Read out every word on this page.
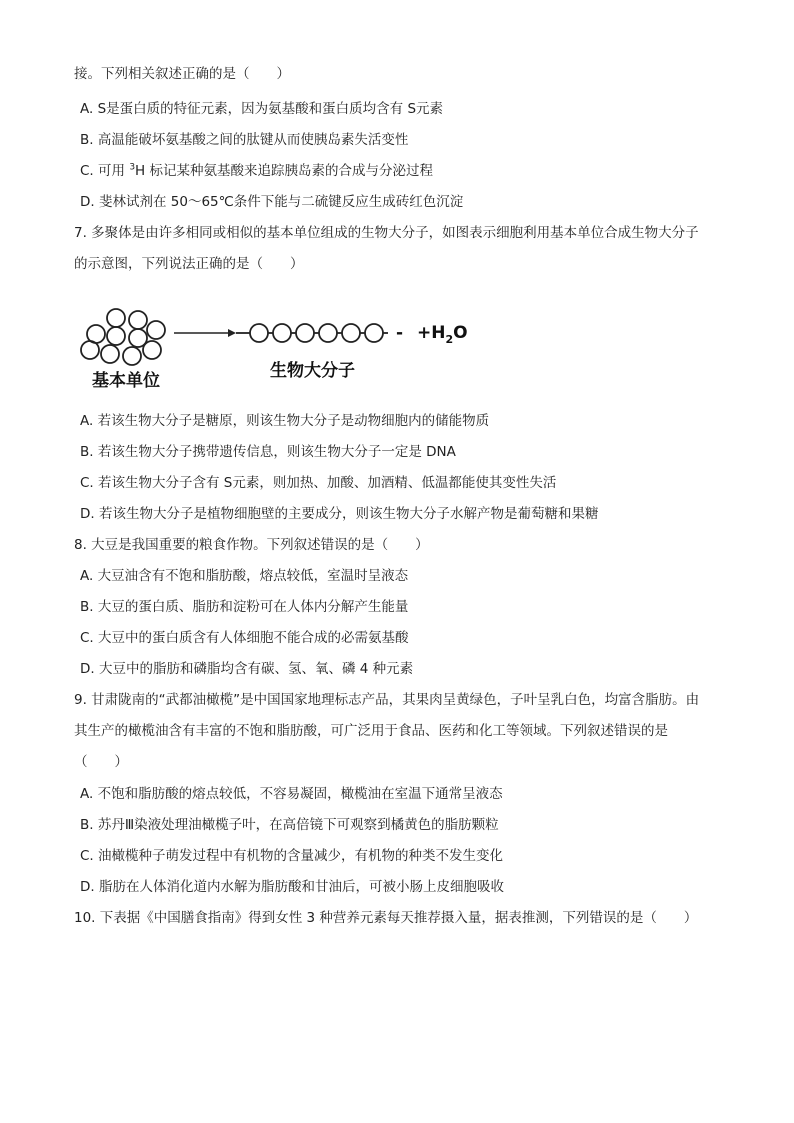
接。下列相关叙述正确的是（　　）
A. S是蛋白质的特征元素，因为氨基酸和蛋白质均含有 S元素
B. 高温能破坏氨基酸之间的肽键从而使胰岛素失活变性
C. 可用 $^3$H 标记某种氨基酸来追踪胰岛素的合成与分泌过程
D. 斐林试剂在 50～65℃条件下能与二硫键反应生成砖红色沉淀
7. 多聚体是由许多相同或相似的基本单位组成的生物大分子，如图表示细胞利用基本单位合成生物大分子
的示意图，下列说法正确的是（　　）
- $+H_2O$
基本单位	生物大分子
A. 若该生物大分子是糖原，则该生物大分子是动物细胞内的储能物质
B. 若该生物大分子携带遗传信息，则该生物大分子一定是 DNA
C. 若该生物大分子含有 S元素，则加热、加酸、加酒精、低温都能使其变性失活
D. 若该生物大分子是植物细胞壁的主要成分，则该生物大分子水解产物是葡萄糖和果糖
8. 大豆是我国重要的粮食作物。下列叙述错误的是（　　）
A. 大豆油含有不饱和脂肪酸，熔点较低，室温时呈液态
B. 大豆的蛋白质、脂肪和淀粉可在人体内分解产生能量
C. 大豆中的蛋白质含有人体细胞不能合成的必需氨基酸
D. 大豆中的脂肪和磷脂均含有碳、氢、氧、磷 4 种元素
9. 甘肃陇南的“武都油橄榄”是中国国家地理标志产品，其果肉呈黄绿色，子叶呈乳白色，均富含脂肪。由
其生产的橄榄油含有丰富的不饱和脂肪酸，可广泛用于食品、医药和化工等领域。下列叙述错误的是
（　　）
A. 不饱和脂肪酸的熔点较低，不容易凝固，橄榄油在室温下通常呈液态
B. 苏丹Ⅲ染液处理油橄榄子叶，在高倍镜下可观察到橘黄色的脂肪颗粒
C. 油橄榄种子萌发过程中有机物的含量减少，有机物的种类不发生变化
D. 脂肪在人体消化道内水解为脂肪酸和甘油后，可被小肠上皮细胞吸收
10. 下表据《中国膳食指南》得到女性 3 种营养元素每天推荐摄入量，据表推测，下列错误的是（　　）
